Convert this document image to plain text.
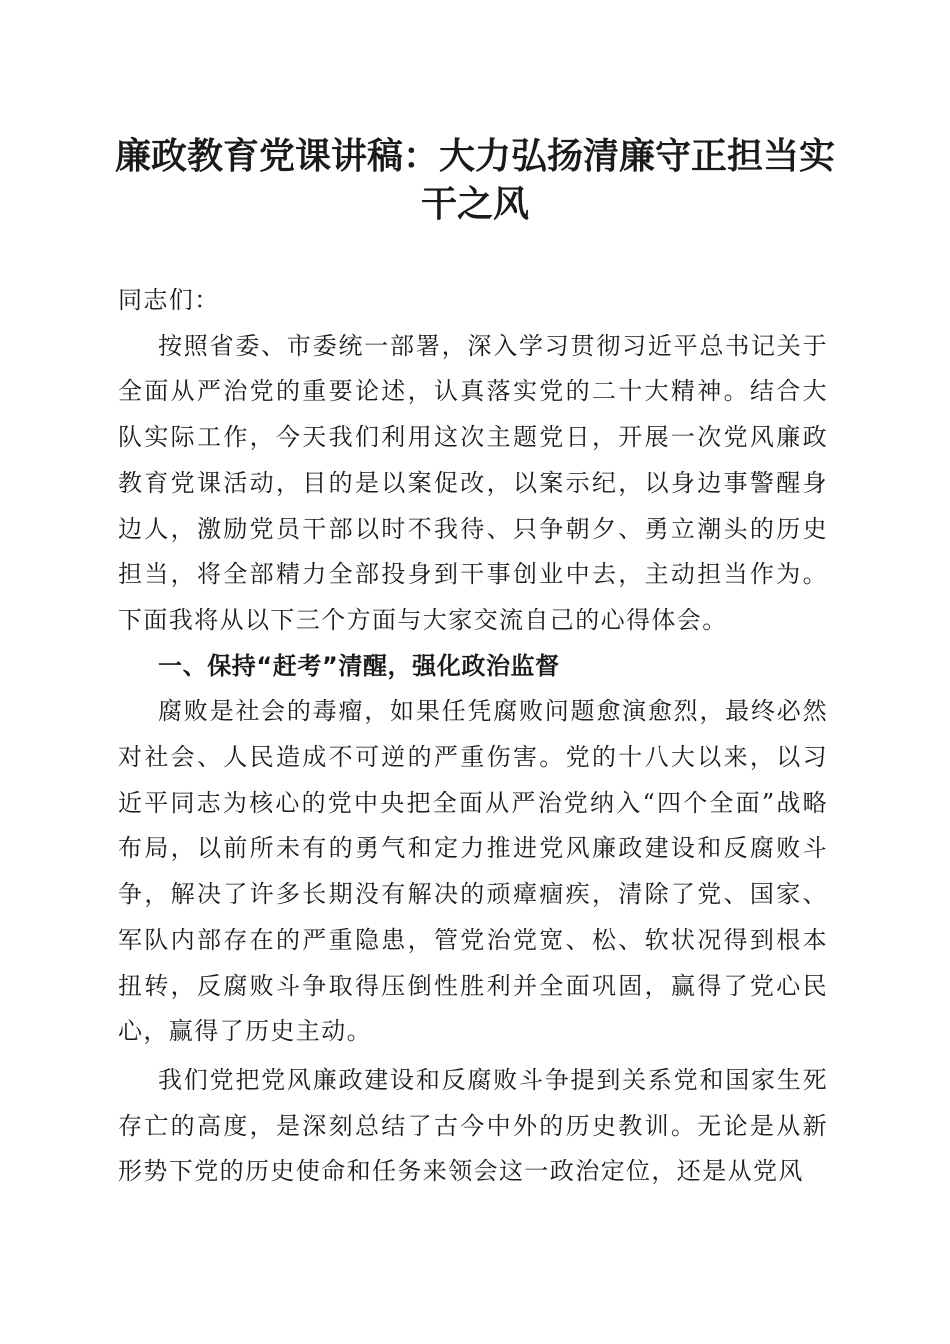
廉政教育党课讲稿：大力弘扬清廉守正担当实干之风

同志们：

按照省委、市委统一部署，深入学习贯彻习近平总书记关于全面从严治党的重要论述，认真落实党的二十大精神。结合大队实际工作，今天我们利用这次主题党日，开展一次党风廉政教育党课活动，目的是以案促改，以案示纪，以身边事警醒身边人，激励党员干部以时不我待、只争朝夕、勇立潮头的历史担当，将全部精力全部投身到干事创业中去，主动担当作为。下面我将从以下三个方面与大家交流自己的心得体会。

一、保持“赶考”清醒，强化政治监督

腐败是社会的毒瘤，如果任凭腐败问题愈演愈烈，最终必然对社会、人民造成不可逆的严重伤害。党的十八大以来，以习近平同志为核心的党中央把全面从严治党纳入“四个全面”战略布局，以前所未有的勇气和定力推进党风廉政建设和反腐败斗争，解决了许多长期没有解决的顽瘴痼疾，清除了党、国家、军队内部存在的严重隐患，管党治党宽、松、软状况得到根本扭转，反腐败斗争取得压倒性胜利并全面巩固，赢得了党心民心，赢得了历史主动。

我们党把党风廉政建设和反腐败斗争提到关系党和国家生死存亡的高度，是深刻总结了古今中外的历史教训。无论是从新形势下党的历史使命和任务来领会这一政治定位，还是从党风
